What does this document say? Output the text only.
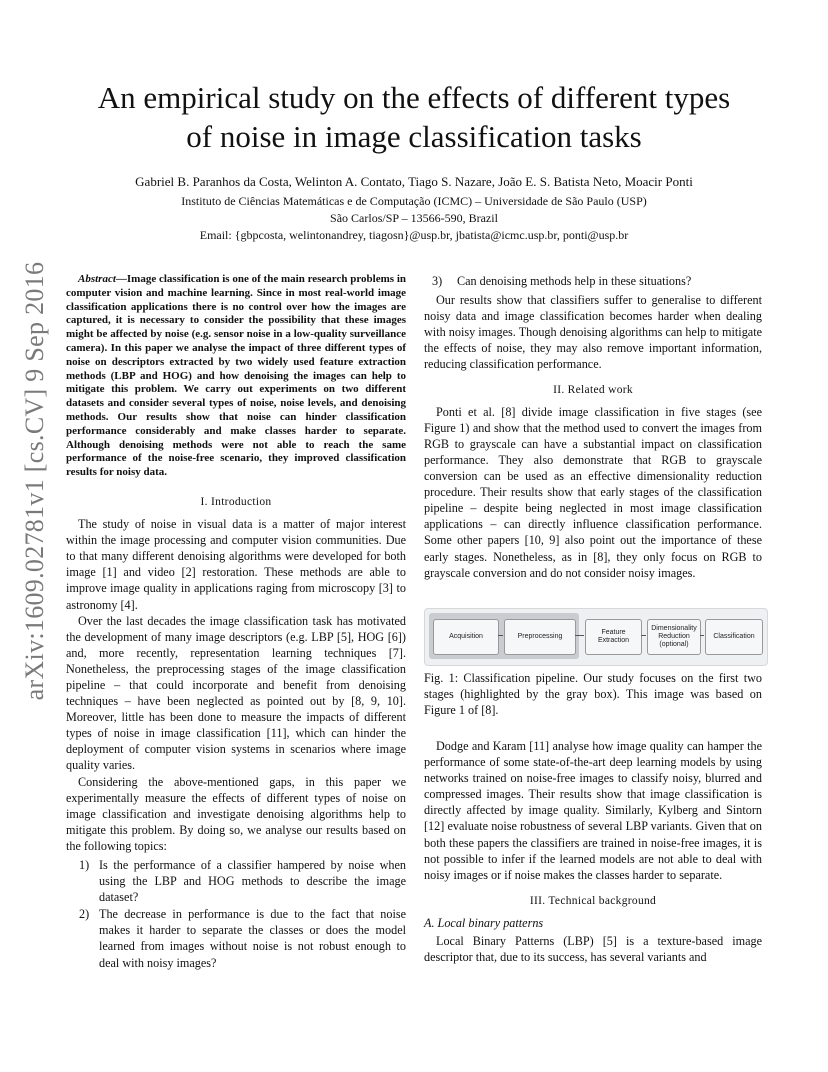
An empirical study on the effects of different types
of noise in image classification tasks
Gabriel B. Paranhos da Costa, Welinton A. Contato, Tiago S. Nazare, João E. S. Batista Neto, Moacir Ponti
Instituto de Ciências Matemáticas e de Computação (ICMC) – Universidade de São Paulo (USP)
São Carlos/SP – 13566-590, Brazil
Email: {gbpcosta, welintonandrey, tiagosn}@usp.br, jbatista@icmc.usp.br, ponti@usp.br
arXiv:1609.02781v1 [cs.CV] 9 Sep 2016	Abstract—Image classification is one of the main research problems in computer vision and machine learning. Since in most real-world image classification applications there is no control over how the images are captured, it is necessary to consider the possibility that these images might be affected by noise (e.g. sensor noise in a low-quality surveillance camera). In this paper we analyse the impact of three different types of noise on descriptors extracted by two widely used feature extraction methods (LBP and HOG) and how denoising the images can help to mitigate this problem. We carry out experiments on two different datasets and consider several types of noise, noise levels, and denoising methods. Our results show that noise can hinder classification performance considerably and make classes harder to separate. Although denoising methods were not able to reach the same performance of the noise-free scenario, they improved classification results for noisy data.
I. Introduction

The study of noise in visual data is a matter of major interest within the image processing and computer vision communities. Due to that many different denoising algorithms were developed for both image [1] and video [2] restoration. These methods are able to improve image quality in applications raging from microscopy [3] to astronomy [4].

Over the last decades the image classification task has motivated the development of many image descriptors (e.g. LBP [5], HOG [6]) and, more recently, representation learning techniques [7]. Nonetheless, the preprocessing stages of the image classification pipeline – that could incorporate and benefit from denoising techniques – have been neglected as pointed out by [8, 9, 10]. Moreover, little has been done to measure the impacts of different types of noise in image classification [11], which can hinder the deployment of computer vision systems in scenarios where image quality varies.

Considering the above-mentioned gaps, in this paper we experimentally measure the effects of different types of noise on image classification and investigate denoising algorithms help to mitigate this problem. By doing so, we analyse our results based on the following topics:

1) Is the performance of a classifier hampered by noise when using the LBP and HOG methods to describe the image dataset?
2) The decrease in performance is due to the fact that noise makes it harder to separate the classes or does the model learned from images without noise is not robust enough to deal with noisy images?
3) Can denoising methods help in these situations?

Our results show that classifiers suffer to generalise to different noisy data and image classification becomes harder when dealing with noisy images. Though denoising algorithms can help to mitigate the effects of noise, they may also remove important information, reducing classification performance.

II. Related work

Ponti et al. [8] divide image classification in five stages (see Figure 1) and show that the method used to convert the images from RGB to grayscale can have a substantial impact on classification performance. They also demonstrate that RGB to grayscale conversion can be used as an effective dimensionality reduction procedure. Their results show that early stages of the classification pipeline – despite being neglected in most image classification applications – can directly influence classification performance. Some other papers [10, 9] also point out the importance of these early stages. Nonetheless, as in [8], they only focus on RGB to grayscale conversion and do not consider noisy images.

Acquisition	Preprocessing
Feature Extraction
Dimensionality Reduction (optional)
Classification
Fig. 1: Classification pipeline. Our study focuses on the first two stages (highlighted by the gray box). This image was based on Figure 1 of [8].

Dodge and Karam [11] analyse how image quality can hamper the performance of some state-of-the-art deep learning models by using networks trained on noise-free images to classify noisy, blurred and compressed images. Their results show that image classification is directly affected by image quality. Similarly, Kylberg and Sintorn [12] evaluate noise robustness of several LBP variants. Given that on both these papers the classifiers are trained in noise-free images, it is not possible to infer if the learned models are not able to deal with noisy images or if noise makes the classes harder to separate.

III. Technical background
A. Local binary patterns

Local Binary Patterns (LBP) [5] is a texture-based image descriptor that, due to its success, has several variants and
